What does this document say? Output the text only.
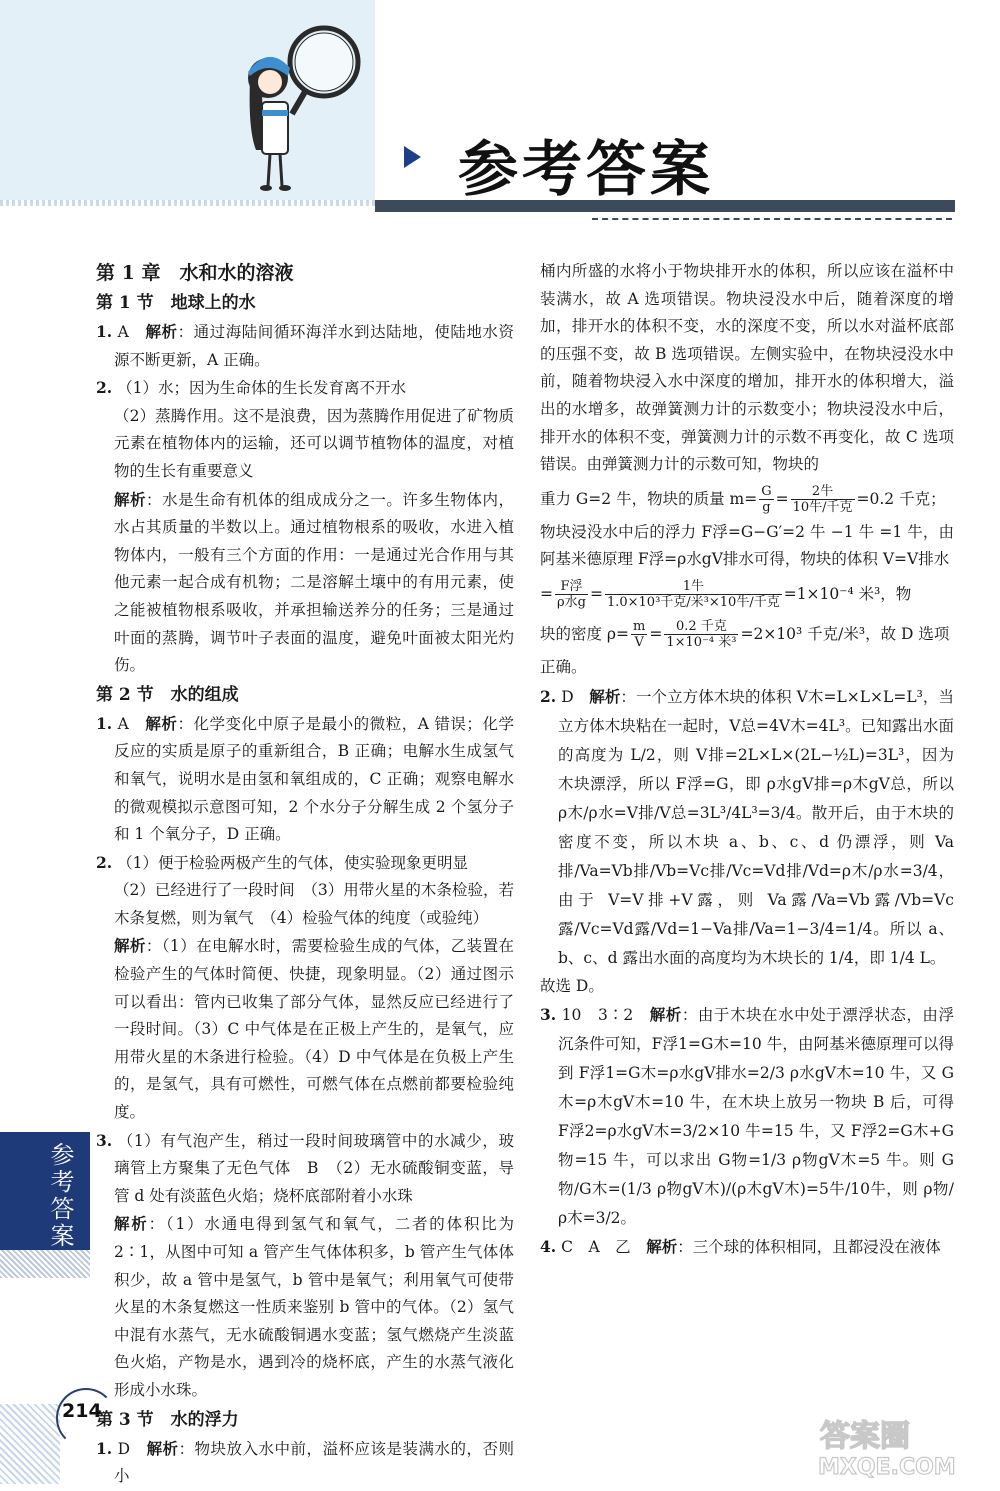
参考答案

第 1 章　水和水的溶液

第 1 节　地球上的水

1. A　 解析：通过海陆间循环海洋水到达陆地，使陆地水资源不断更新，A 正确。

2. （1）水；因为生命体的生长发育离不开水

（2）蒸腾作用。这不是浪费，因为蒸腾作用促进了矿物质元素在植物体内的运输，还可以调节植物体的温度，对植物的生长有重要意义

解析：水是生命有机体的组成成分之一。许多生物体内，水占其质量的半数以上。通过植物根系的吸收，水进入植物体内，一般有三个方面的作用：一是通过光合作用与其他元素一起合成有机物；二是溶解土壤中的有用元素，使之能被植物根系吸收，并承担输送养分的任务；三是通过叶面的蒸腾，调节叶子表面的温度，避免叶面被太阳光灼伤。

第 2 节　水的组成

1. A　 解析：化学变化中原子是最小的微粒，A 错误；化学反应的实质是原子的重新组合，B 正确；电解水生成氢气和氧气，说明水是由氢和氧组成的，C 正确；观察电解水的微观模拟示意图可知，2 个水分子分解生成 2 个氢分子和 1 个氧分子，D 正确。

2. （1）便于检验两极产生的气体，使实验现象更明显

（2）已经进行了一段时间　（3）用带火星的木条检验，若木条复燃，则为氧气　（4）检验气体的纯度（或验纯）

解析：（1）在电解水时，需要检验生成的气体，乙装置在检验产生的气体时简便、快捷，现象明显。（2）通过图示可以看出：管内已收集了部分气体，显然反应已经进行了一段时间。（3）C 中气体是在正极上产生的，是氧气，应用带火星的木条进行检验。（4）D 中气体是在负极上产生的，是氢气，具有可燃性，可燃气体在点燃前都要检验纯度。

3. （1）有气泡产生，稍过一段时间玻璃管中的水减少，玻璃管上方聚集了无色气体　B　（2）无水硫酸铜变蓝，导管 d 处有淡蓝色火焰；烧杯底部附着小水珠

解析：（1）水通电得到氢气和氧气，二者的体积比为 2∶1，从图中可知 a 管产生气体体积多，b 管产生气体体积少，故 a 管中是氢气，b 管中是氧气；利用氧气可使带火星的木条复燃这一性质来鉴别 b 管中的气体。（2）氢气中混有水蒸气，无水硫酸铜遇水变蓝；氢气燃烧产生淡蓝色火焰，产物是水，遇到冷的烧杯底，产生的水蒸气液化形成小水珠。

第 3 节　水的浮力

1. D　 解析：物块放入水中前，溢杯应该是装满水的，否则小

桶内所盛的水将小于物块排开水的体积，所以应该在溢杯中装满水，故 A 选项错误。物块浸没水中后，随着深度的增加，排开水的体积不变，水的深度不变，所以水对溢杯底部的压强不变，故 B 选项错误。左侧实验中，在物块浸没水中前，随着物块浸入水中深度的增加，排开水的体积增大，溢出的水增多，故弹簧测力计的示数变小；物块浸没水中后，排开水的体积不变，弹簧测力计的示数不再变化，故 C 选项错误。由弹簧测力计的示数可知，物块的

重力 G=2 牛，物块的质量 $m= \frac{G}{g} = \frac{\text{2牛}}{\text{10牛/千克}} =0.2$ 千克；

物块浸没水中后的浮力 F浮=G−G′=2 牛 −1 牛 =1 牛，由阿基米德原理 F浮=ρ水gV排水可得，物块的体积 V=V排水

= $\frac{\text{F浮}}{\text{ρ水g}} = \frac{\text{1牛}}{\text{1.0×10³千克/米³×10牛/千克}} =1\times 10^{-4}$ 米³，物

块的密度 $\rho= \frac{m}{V} = \frac{\text{0.2 千克}}{\text{1×10⁻⁴ 米³}} =2\times 10^3$ 千克/米³，故 D 选项

正确。

2. D　 解析：一个立方体木块的体积 V木=L×L×L=L³，当立方体木块粘在一起时，V总=4V木=4L³。已知露出水面的高度为 L/2，则 V排=2L×L×(2L−½L)=3L³，因为木块漂浮，所以 F浮=G，即 ρ水gV排=ρ木gV总，所以 ρ木/ρ水=V排/V总=3L³/4L³=3/4。散开后，由于木块的密度不变，所以木块 a、b、c、d 仍漂浮，则 Va排/Va=Vb排/Vb=Vc排/Vc=Vd排/Vd=ρ木/ρ水=3/4，由于 V=V排+V露，则 Va露/Va=Vb露/Vb=Vc露/Vc=Vd露/Vd=1−Va排/Va=1−3/4=1/4。所以 a、b、c、d 露出水面的高度均为木块长的 1/4，即 1/4 L。

故选 D。

3. 10　3∶2　 解析：由于木块在水中处于漂浮状态，由浮沉条件可知，F浮1=G木=10 牛，由阿基米德原理可以得到 F浮1=G木=ρ水gV排水=2/3 ρ水gV木=10 牛，又 G木=ρ木gV木=10 牛，在木块上放另一物块 B 后，可得 F浮2=ρ水gV木=3/2×10 牛=15 牛，又 F浮2=G木+G物=15 牛，可以求出 G物=1/3 ρ物gV木=5 牛。则 G物/G木=(1/3 ρ物gV木)/(ρ木gV木)=5牛/10牛，则 ρ物/ρ木=3/2。

4. C　A　乙　 解析：三个球的体积相同，且都浸没在液体

参考答案
214
答案圈
MXQE.COM
